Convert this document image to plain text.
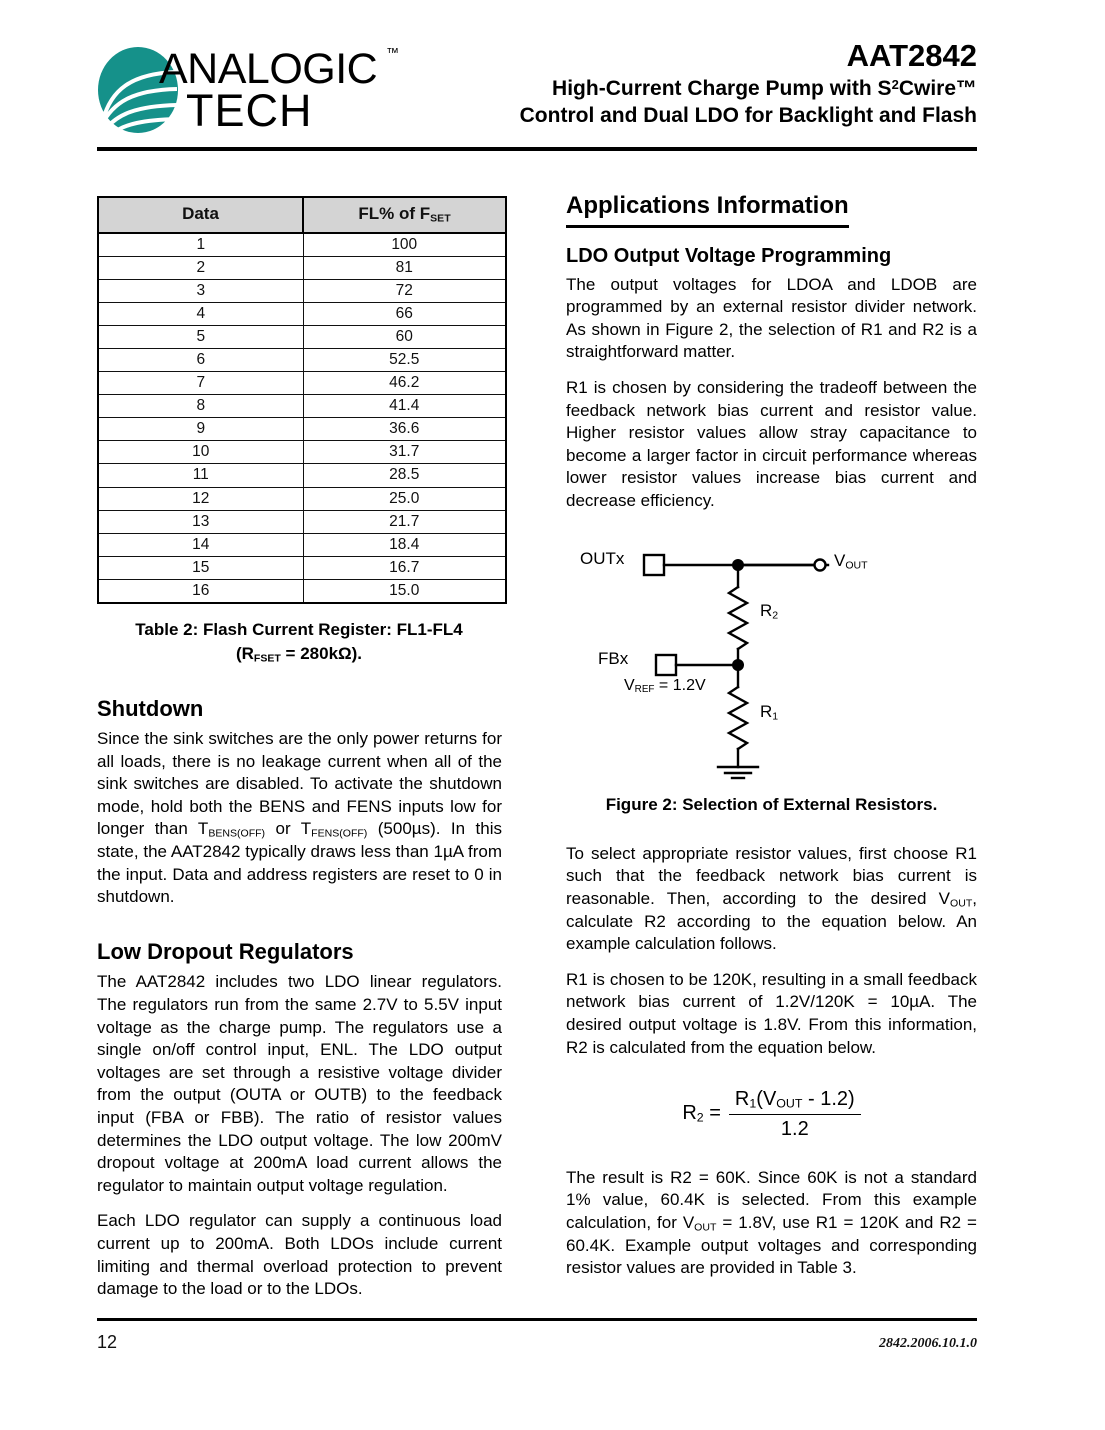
ANALOGIC ™
TECH
AAT2842
High-Current Charge Pump with $S^2Cwire™$
Control and Dual LDO for Backlight and Flash
Data	FL% of $F_{SET}$
1	100
2	81
3	72
4	66
5	60
6	52.5
7	46.2
8	41.4
9	36.6
10	31.7
11	28.5
12	25.0
13	21.7
14	18.4
15	16.7
16	15.0
Table 2: Flash Current Register: FL1-FL4
$(R_{FSET} = 280k\Omega)$.
Shutdown

Since the sink switches are the only power returns for all loads, there is no leakage current when all of the sink switches are disabled. To activate the shutdown mode, hold both the BENS and FENS inputs low for longer than $T_{BENS(OFF)}$ or $T_{FENS(OFF)}$ (500µs). In this state, the AAT2842 typically draws less than 1µA from the input. Data and address registers are reset to 0 in shutdown.

Low Dropout Regulators

The AAT2842 includes two LDO linear regulators. The regulators run from the same 2.7V to 5.5V input voltage as the charge pump. The regulators use a single on/off control input, ENL. The LDO output voltages are set through a resistive voltage divider from the output (OUTA or OUTB) to the feedback input (FBA or FBB). The ratio of resistor values determines the LDO output voltage. The low 200mV dropout voltage at 200mA load current allows the regulator to maintain output voltage regulation.

Each LDO regulator can supply a continuous load current up to 200mA. Both LDOs include current limiting and thermal overload protection to prevent damage to the load or to the LDOs.

Applications Information
LDO Output Voltage Programming

The output voltages for LDOA and LDOB are programmed by an external resistor divider network. As shown in Figure 2, the selection of R1 and R2 is a straightforward matter.

R1 is chosen by considering the tradeoff between the feedback network bias current and resistor value. Higher resistor values allow stray capacitance to become a larger factor in circuit performance whereas lower resistor values increase bias current and decrease efficiency.

OUTx
FBx
$V_{OUT}$
$V_{REF} = 1.2V$
$R_2$
$R_1$
Figure 2: Selection of External Resistors.

To select appropriate resistor values, first choose R1 such that the feedback network bias current is reasonable. Then, according to the desired $V_{OUT}$, calculate R2 according to the equation below. An example calculation follows.

R1 is chosen to be 120K, resulting in a small feedback network bias current of 1.2V/120K = 10µA. The desired output voltage is 1.8V. From this information, R2 is calculated from the equation below.

$R_2 = \frac{R_1(V_{OUT} - 1.2)}{1.2}$

The result is R2 = 60K. Since 60K is not a standard 1% value, 60.4K is selected. From this example calculation, for $V_{OUT} = 1.8V$, use R1 = 120K and R2 = 60.4K. Example output voltages and corresponding resistor values are provided in Table 3.

12	2842.2006.10.1.0
